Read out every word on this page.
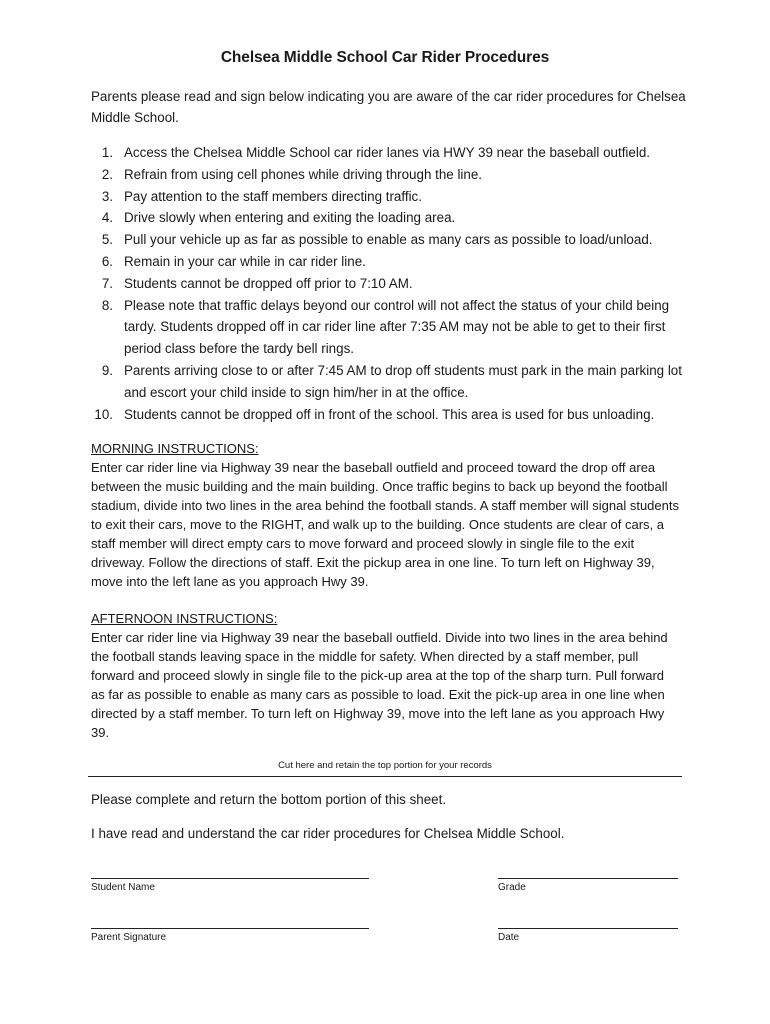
Chelsea Middle School Car Rider Procedures
Parents please read and sign below indicating you are aware of the car rider procedures for Chelsea Middle School.
1. Access the Chelsea Middle School car rider lanes via HWY 39 near the baseball outfield.
2. Refrain from using cell phones while driving through the line.
3. Pay attention to the staff members directing traffic.
4. Drive slowly when entering and exiting the loading area.
5. Pull your vehicle up as far as possible to enable as many cars as possible to load/unload.
6. Remain in your car while in car rider line.
7. Students cannot be dropped off prior to 7:10 AM.
8. Please note that traffic delays beyond our control will not affect the status of your child being tardy. Students dropped off in car rider line after 7:35 AM may not be able to get to their first period class before the tardy bell rings.
9. Parents arriving close to or after 7:45 AM to drop off students must park in the main parking lot and escort your child inside to sign him/her in at the office.
10. Students cannot be dropped off in front of the school. This area is used for bus unloading.
MORNING INSTRUCTIONS:
Enter car rider line via Highway 39 near the baseball outfield and proceed toward the drop off area between the music building and the main building. Once traffic begins to back up beyond the football stadium, divide into two lines in the area behind the football stands. A staff member will signal students to exit their cars, move to the RIGHT, and walk up to the building. Once students are clear of cars, a staff member will direct empty cars to move forward and proceed slowly in single file to the exit driveway. Follow the directions of staff. Exit the pickup area in one line. To turn left on Highway 39, move into the left lane as you approach Hwy 39.
AFTERNOON INSTRUCTIONS:
Enter car rider line via Highway 39 near the baseball outfield. Divide into two lines in the area behind the football stands leaving space in the middle for safety. When directed by a staff member, pull forward and proceed slowly in single file to the pick-up area at the top of the sharp turn. Pull forward as far as possible to enable as many cars as possible to load. Exit the pick-up area in one line when directed by a staff member. To turn left on Highway 39, move into the left lane as you approach Hwy 39.
Cut here and retain the top portion for your records
Please complete and return the bottom portion of this sheet.
I have read and understand the car rider procedures for Chelsea Middle School.
Student Name	Grade
Parent Signature	Date
